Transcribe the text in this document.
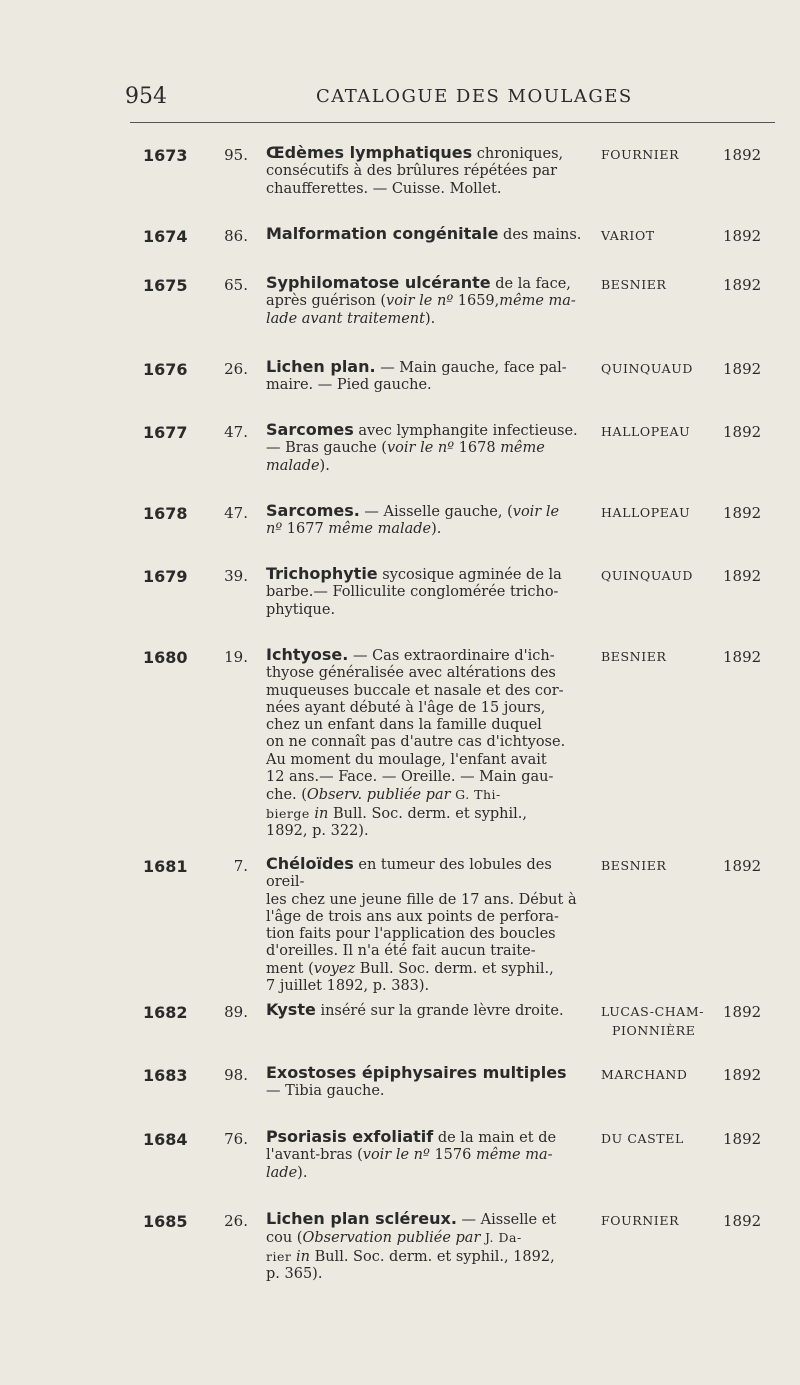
954	CATALOGUE DES MOULAGES
1673 95. Œdèmes lymphatiques chroniques,
consécutifs à des brûlures répétées par
chaufferettes. — Cuisse. Mollet.
FOURNIER	1892
1674 86. Malformation congénitale des mains.	VARIOT	1892
1675 65. Syphilomatose ulcérante de la face,
après guérison (voir le nº 1659,même ma-
lade avant traitement).
BESNIER	1892
1676 26. Lichen plan. — Main gauche, face pal-
maire. — Pied gauche.
QUINQUAUD 1892
1677 47. Sarcomes avec lymphangite infectieuse.
— Bras gauche (voir le nº 1678 même
malade).
HALLOPEAU 1892
1678 47. Sarcomes. — Aisselle gauche, (voir le
nº 1677 même malade).
HALLOPEAU 1892
1679 39. Trichophytie sycosique agminée de la
barbe.— Folliculite conglomérée tricho-
phytique.
QUINQUAUD 1892
1680 19. Ichtyose. — Cas extraordinaire d'ich-
thyose généralisée avec altérations des
muqueuses buccale et nasale et des cor-
nées ayant débuté à l'âge de 15 jours,
chez un enfant dans la famille duquel
on ne connaît pas d'autre cas d'ichtyose.
Au moment du moulage, l'enfant avait
12 ans.— Face. — Oreille. — Main gau-
che. (Observ. publiée par G. Thi-
bierge in Bull. Soc. derm. et syphil.,
1892, p. 322).
BESNIER	1892
1681	7. Chéloïdes en tumeur des lobules des oreil-
les chez une jeune fille de 17 ans. Début à
l'âge de trois ans aux points de perfora-
tion faits pour l'application des boucles
d'oreilles. Il n'a été fait aucun traite-
ment (voyez Bull. Soc. derm. et syphil.,
7 juillet 1892, p. 383).
BESNIER	1892
1682 89. Kyste inséré sur la grande lèvre droite.	LUCAS-CHAM-
PIONNIÈRE
1892
1683 98. Exostoses épiphysaires multiples
— Tibia gauche.
MARCHAND 1892
1684 76. Psoriasis exfoliatif de la main et de
l'avant-bras (voir le nº 1576 même ma-
lade).
DU CASTEL	1892
1685 26. Lichen plan scléreux. — Aisselle et
cou (Observation publiée par J. Da-
rier in Bull. Soc. derm. et syphil., 1892,
p. 365).
FOURNIER	1892
